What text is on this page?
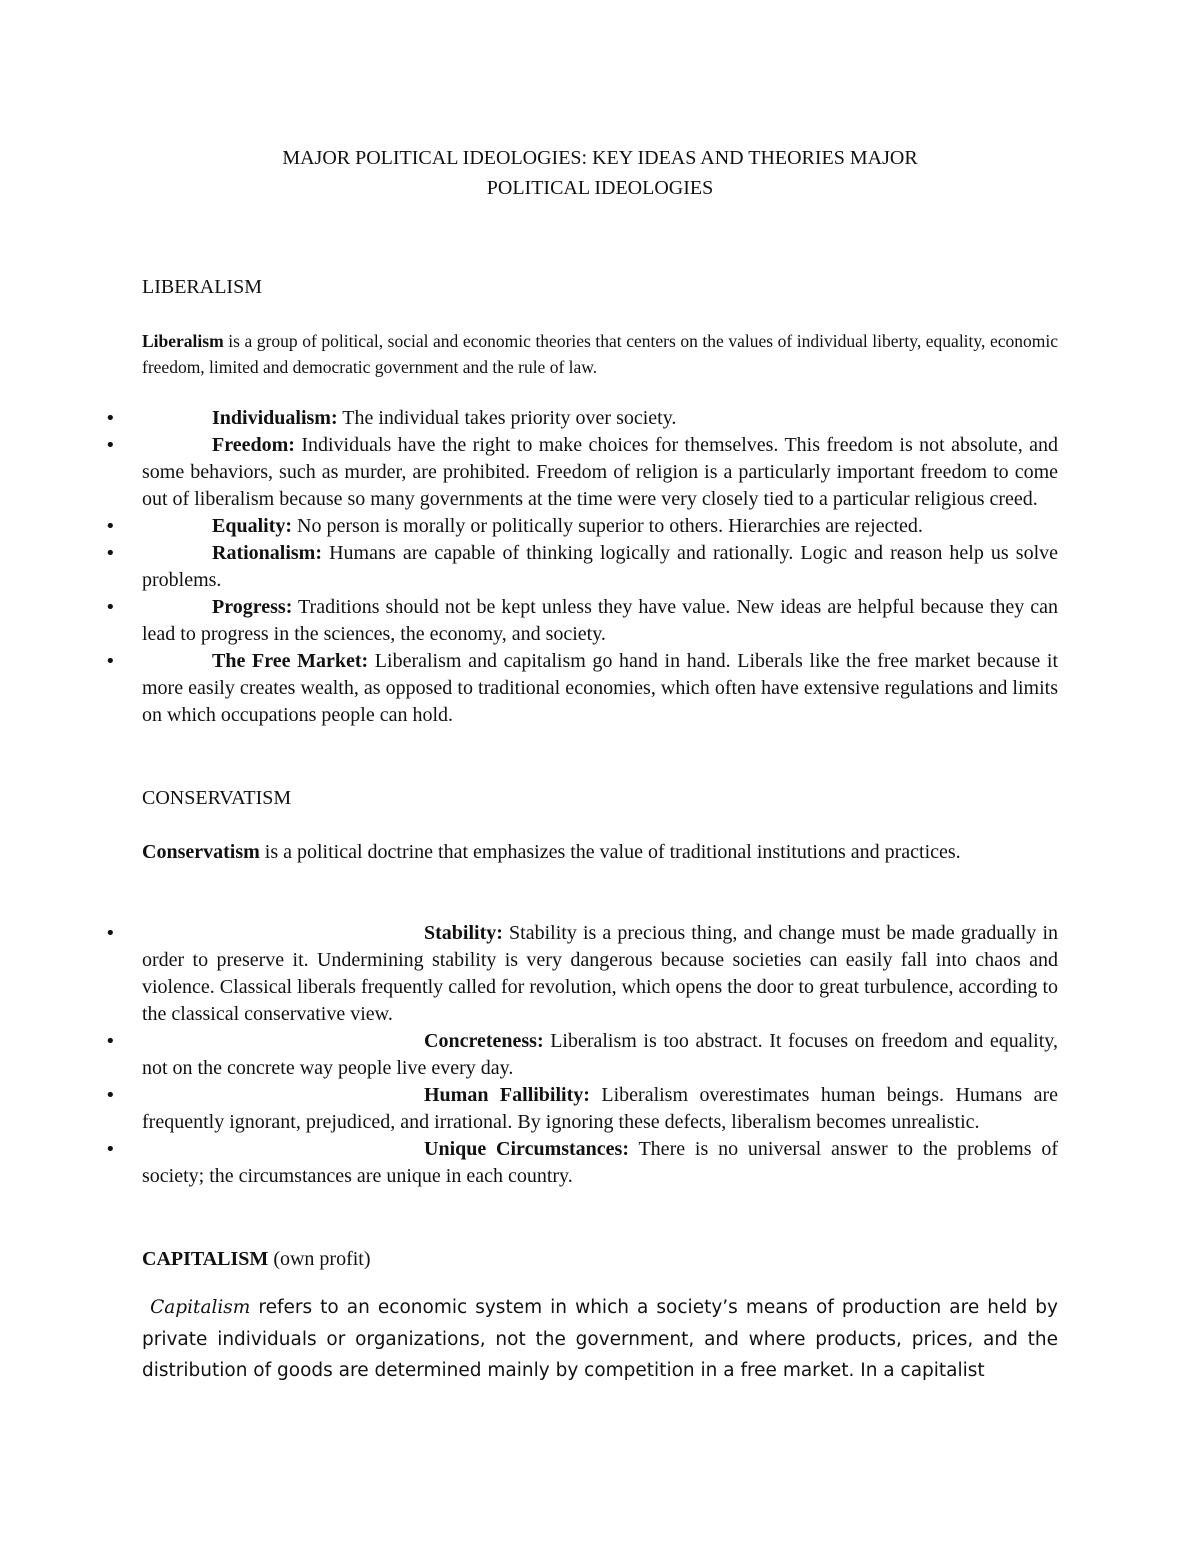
MAJOR POLITICAL IDEOLOGIES: KEY IDEAS AND THEORIES MAJOR
POLITICAL IDEOLOGIES
LIBERALISM

Liberalism is a group of political, social and economic theories that centers on the values of individual liberty, equality, economic freedom, limited and democratic government and the rule of law.

•	Individualism: The individual takes priority over society.
•	Freedom: Individuals have the right to make choices for themselves. This freedom is not absolute, and some behaviors, such as murder, are prohibited. Freedom of religion is a particularly important freedom to come out of liberalism because so many governments at the time were very closely tied to a particular religious creed.
•	Equality: No person is morally or politically superior to others. Hierarchies are rejected.
•	Rationalism: Humans are capable of thinking logically and rationally. Logic and reason help us solve problems.
•	Progress: Traditions should not be kept unless they have value. New ideas are helpful because they can lead to progress in the sciences, the economy, and society.
•	The Free Market: Liberalism and capitalism go hand in hand. Liberals like the free market because it more easily creates wealth, as opposed to traditional economies, which often have extensive regulations and limits on which occupations people can hold.
CONSERVATISM

Conservatism is a political doctrine that emphasizes the value of traditional institutions and practices.

•	Stability: Stability is a precious thing, and change must be made gradually in order to preserve it. Undermining stability is very dangerous because societies can easily fall into chaos and violence. Classical liberals frequently called for revolution, which opens the door to great turbulence, according to the classical conservative view.
•	Concreteness: Liberalism is too abstract. It focuses on freedom and equality, not on the concrete way people live every day.
•	Human Fallibility: Liberalism overestimates human beings. Humans are frequently ignorant, prejudiced, and irrational. By ignoring these defects, liberalism becomes unrealistic.
•	Unique Circumstances: There is no universal answer to the problems of society; the circumstances are unique in each country.
CAPITALISM (own profit)

Capitalism refers to an economic system in which a society’s means of production are held by private individuals or organizations, not the government, and where products, prices, and the distribution of goods are determined mainly by competition in a free market. In a capitalist
